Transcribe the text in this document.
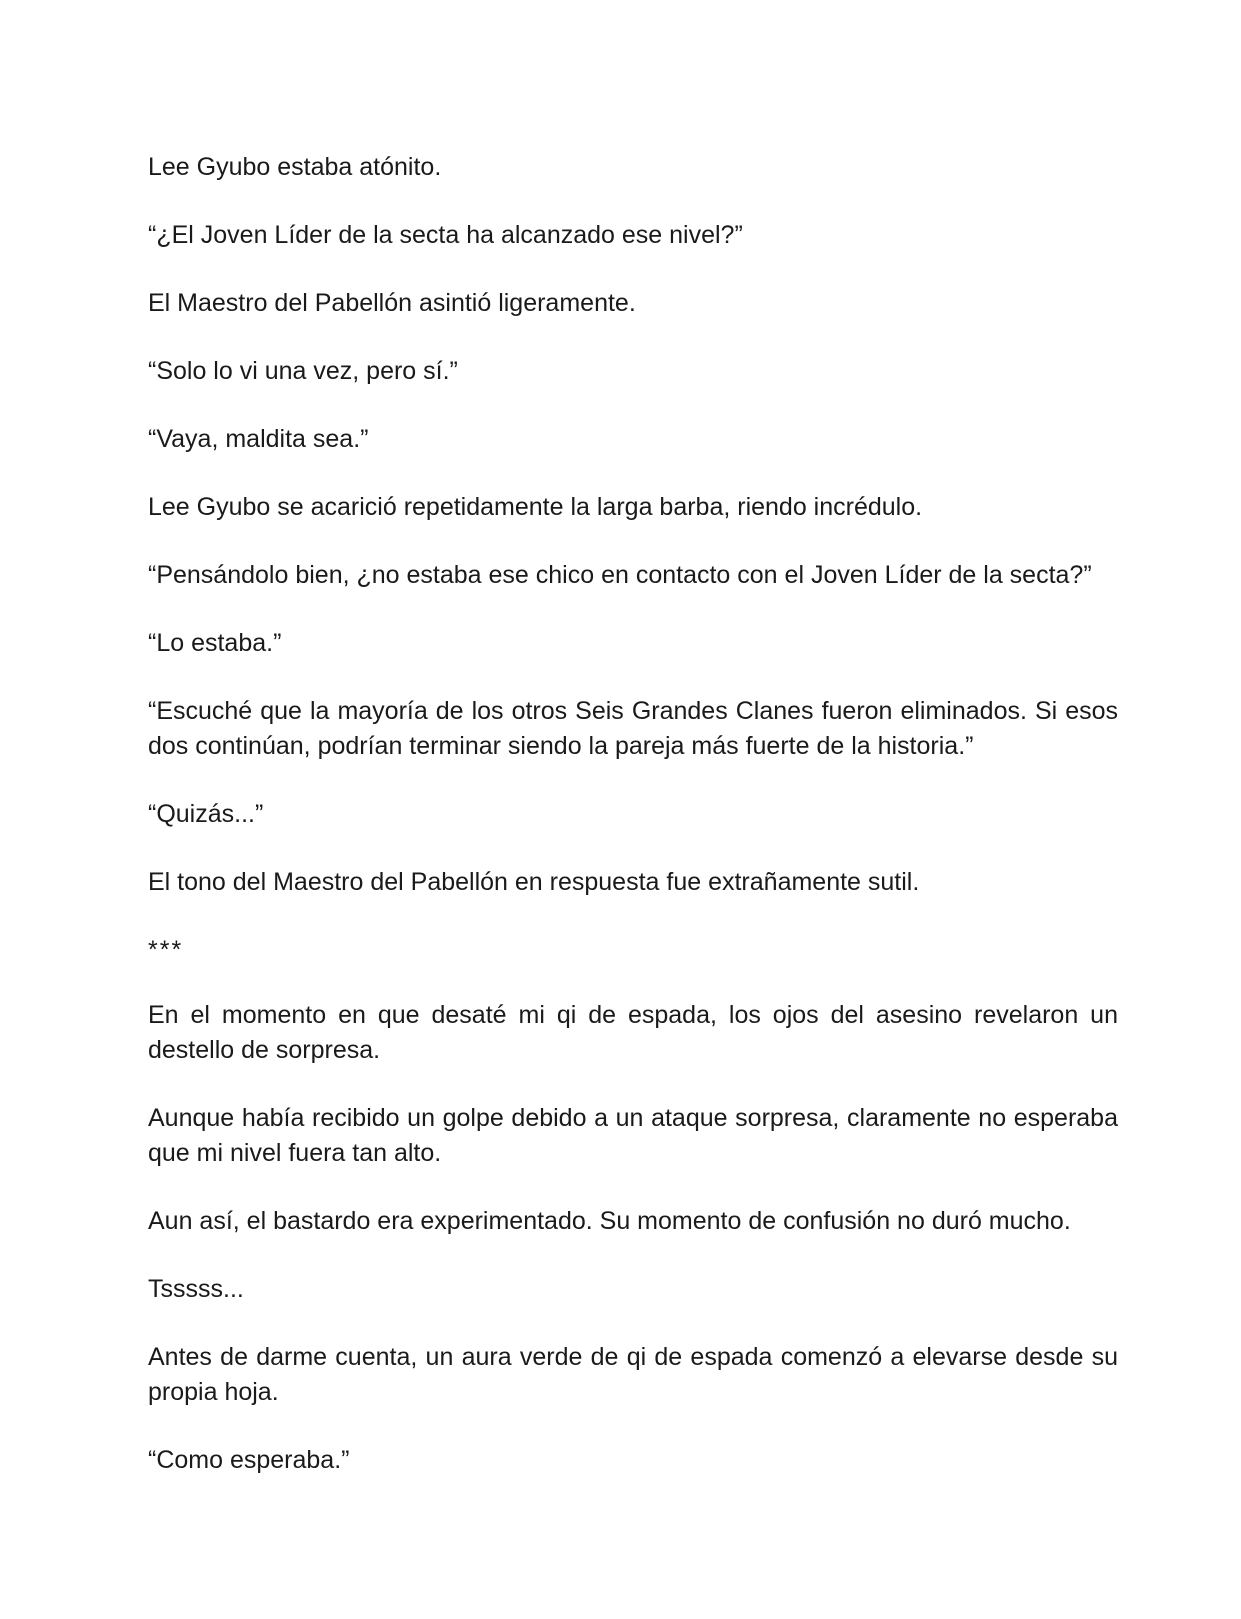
Lee Gyubo estaba atónito.

“¿El Joven Líder de la secta ha alcanzado ese nivel?”

El Maestro del Pabellón asintió ligeramente.

“Solo lo vi una vez, pero sí.”

“Vaya, maldita sea.”

Lee Gyubo se acarició repetidamente la larga barba, riendo incrédulo.

“Pensándolo bien, ¿no estaba ese chico en contacto con el Joven Líder de la secta?”

“Lo estaba.”

“Escuché que la mayoría de los otros Seis Grandes Clanes fueron eliminados. Si esos dos continúan, podrían terminar siendo la pareja más fuerte de la historia.”

“Quizás...”

El tono del Maestro del Pabellón en respuesta fue extrañamente sutil.

***

En el momento en que desaté mi qi de espada, los ojos del asesino revelaron un destello de sorpresa.

Aunque había recibido un golpe debido a un ataque sorpresa, claramente no esperaba que mi nivel fuera tan alto.

Aun así, el bastardo era experimentado. Su momento de confusión no duró mucho.

Tsssss...

Antes de darme cuenta, un aura verde de qi de espada comenzó a elevarse desde su propia hoja.

“Como esperaba.”
